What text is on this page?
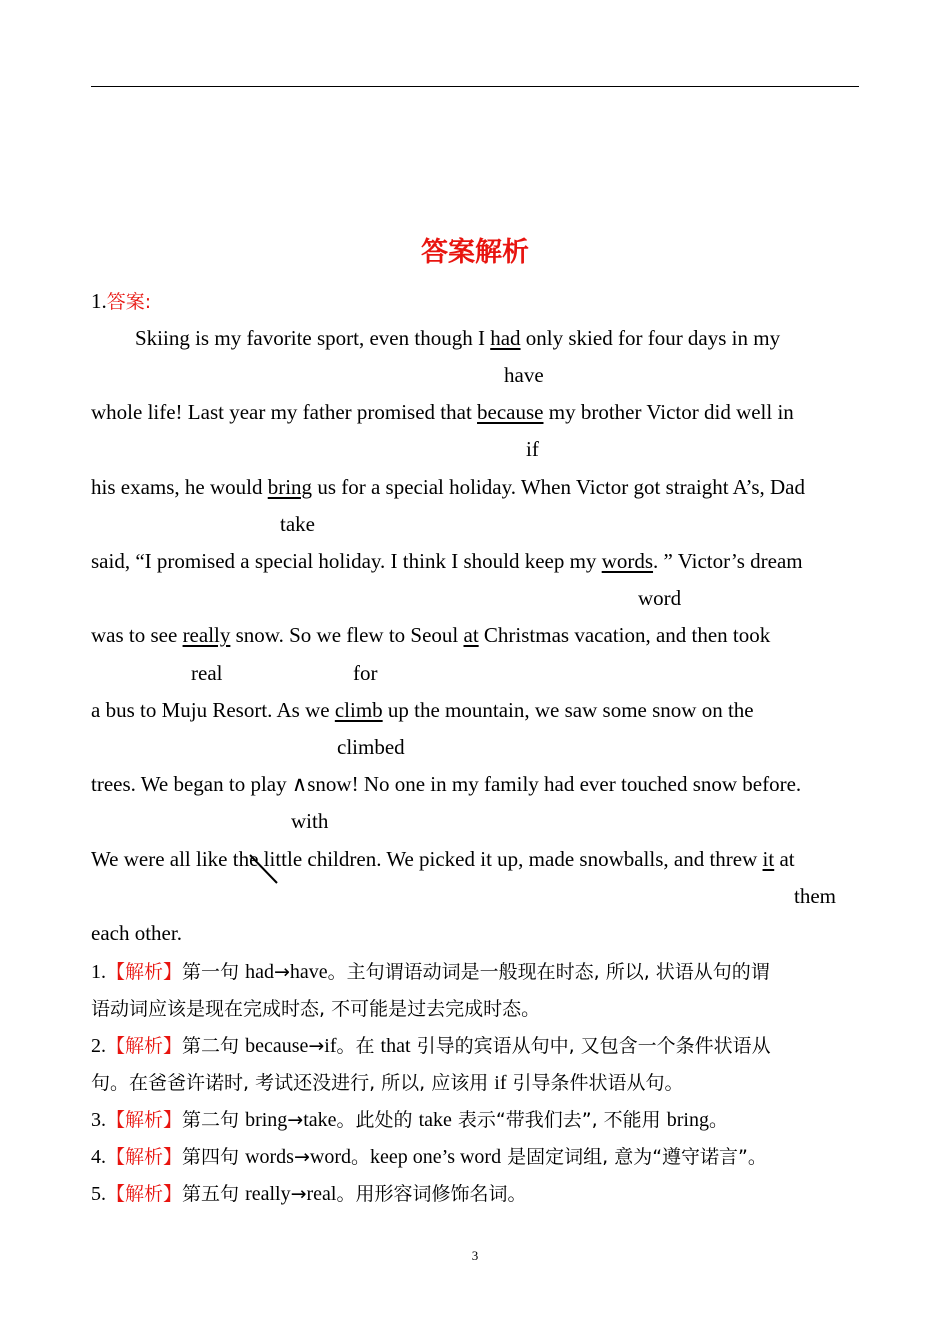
答案解析
1.答案:
Skiing is my favorite sport, even though I had only skied for four days in my
have
whole life! Last year my father promised that because my brother Victor did well in
if
his exams, he would bring us for a special holiday. When Victor got straight A’s, Dad
take
said, “I promised a special holiday. I think I should keep my words. ” Victor’s dream
word
was to see really snow. So we flew to Seoul at Christmas vacation, and then took
real	for
a bus to Muju Resort. As we climb up the mountain, we saw some snow on the
climbed
trees. We began to play ∧snow! No one in my family had ever touched snow before.
with
We were all like the little children. We picked it up, made snowballs, and threw it at
them
each other.
1.【解析】第一句 had→have。主句谓语动词是一般现在时态, 所以, 状语从句的谓
语动词应该是现在完成时态, 不可能是过去完成时态。
2.【解析】第二句 because→if。在 that 引导的宾语从句中, 又包含一个条件状语从
句。在爸爸许诺时, 考试还没进行, 所以, 应该用 if 引导条件状语从句。
3.【解析】第二句 bring→take。此处的 take 表示“带我们去”, 不能用 bring。
4.【解析】第四句 words→word。keep one’s word 是固定词组, 意为“遵守诺言”。
5.【解析】第五句 really→real。用形容词修饰名词。
3
